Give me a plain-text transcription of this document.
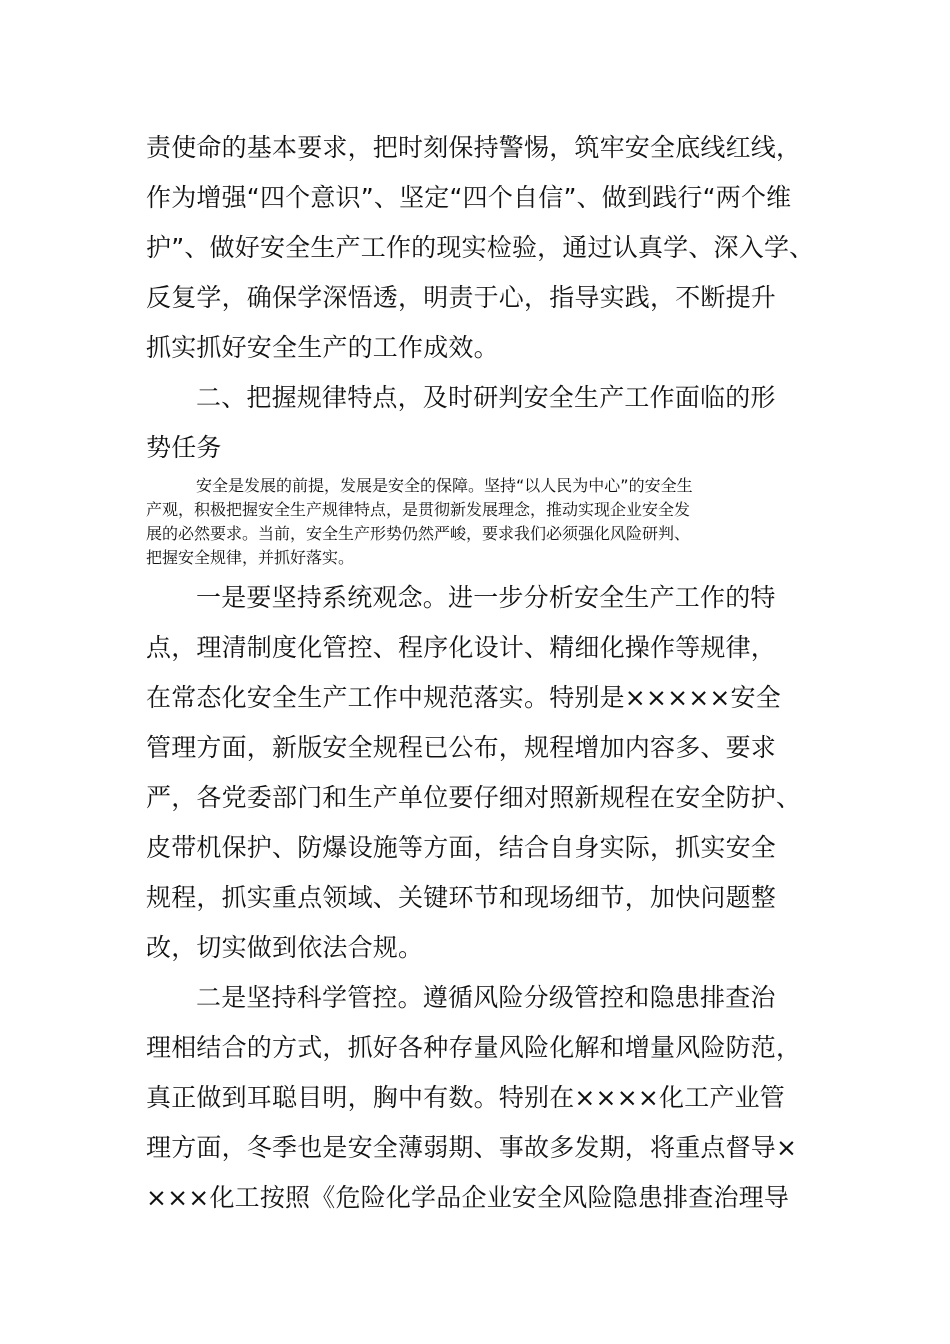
责使命的基本要求，把时刻保持警惕，筑牢安全底线红线，
作为增强“四个意识”、坚定“四个自信”、做到践行“两个维
护”、做好安全生产工作的现实检验，通过认真学、深入学、
反复学，确保学深悟透，明责于心，指导实践，不断提升
抓实抓好安全生产的工作成效。
二、把握规律特点，及时研判安全生产工作面临的形
势任务
安全是发展的前提，发展是安全的保障。坚持“以人民为中心”的安全生
产观，积极把握安全生产规律特点，是贯彻新发展理念，推动实现企业安全发
展的必然要求。当前，安全生产形势仍然严峻，要求我们必须强化风险研判、
把握安全规律，并抓好落实。
一是要坚持系统观念。进一步分析安全生产工作的特
点，理清制度化管控、程序化设计、精细化操作等规律，
在常态化安全生产工作中规范落实。特别是×××××安全
管理方面，新版安全规程已公布，规程增加内容多、要求
严，各党委部门和生产单位要仔细对照新规程在安全防护、
皮带机保护、防爆设施等方面，结合自身实际，抓实安全
规程，抓实重点领域、关键环节和现场细节，加快问题整
改，切实做到依法合规。
二是坚持科学管控。遵循风险分级管控和隐患排查治
理相结合的方式，抓好各种存量风险化解和增量风险防范，
真正做到耳聪目明，胸中有数。特别在××××化工产业管
理方面，冬季也是安全薄弱期、事故多发期，将重点督导×
×××化工按照《危险化学品企业安全风险隐患排查治理导
